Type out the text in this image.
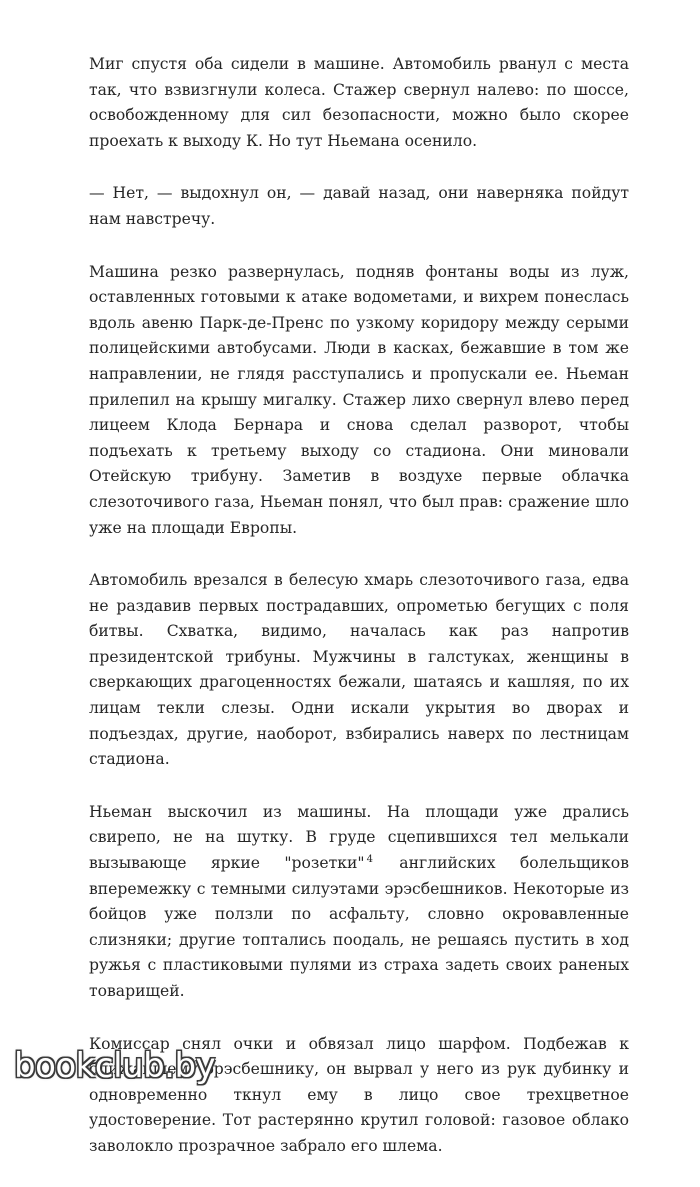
Миг спустя оба сидели в машине. Автомобиль рванул с места так, что взвизгнули колеса. Стажер свернул налево: по шоссе, освобожденному для сил безопасности, можно было скорее проехать к выходу К. Но тут Ньемана осенило.

— Нет, — выдохнул он, — давай назад, они наверняка пойдут нам навстречу.

Машина резко развернулась, подняв фонтаны воды из луж, оставленных готовыми к атаке водометами, и вихрем понеслась вдоль авеню Парк-де-Пренс по узкому коридору между серыми полицейскими автобусами. Люди в касках, бежавшие в том же направлении, не глядя расступались и пропускали ее. Ньеман прилепил на крышу мигалку. Стажер лихо свернул влево перед лицеем Клода Бернара и снова сделал разворот, чтобы подъехать к третьему выходу со стадиона. Они миновали Отейскую трибуну. Заметив в воздухе первые облачка слезоточивого газа, Ньеман понял, что был прав: сражение шло уже на площади Европы.

Автомобиль врезался в белесую хмарь слезоточивого газа, едва не раздавив первых пострадавших, опрометью бегущих с поля битвы. Схватка, видимо, началась как раз напротив президентской трибуны. Мужчины в галстуках, женщины в сверкающих драгоценностях бежали, шатаясь и кашляя, по их лицам текли слезы. Одни искали укрытия во дворах и подъездах, другие, наоборот, взбирались наверх по лестницам стадиона.

Ньеман выскочил из машины. На площади уже дрались свирепо, не на шутку. В груде сцепившихся тел мелькали вызывающе яркие "розетки" $^4$ английских болельщиков вперемежку с темными силуэтами эрэсбешников. Некоторые из бойцов уже ползли по асфальту, словно окровавленные слизняки; другие топтались поодаль, не решаясь пустить в ход ружья с пластиковыми пулями из страха задеть своих раненых товарищей.

Комиссар снял очки и обвязал лицо шарфом. Подбежав к ближайшему эрэсбешнику, он вырвал у него из рук дубинку и одновременно ткнул ему в лицо свое трехцветное удостоверение. Тот растерянно крутил головой: газовое облако заволокло прозрачное забрало его шлема.

bookclub.by
